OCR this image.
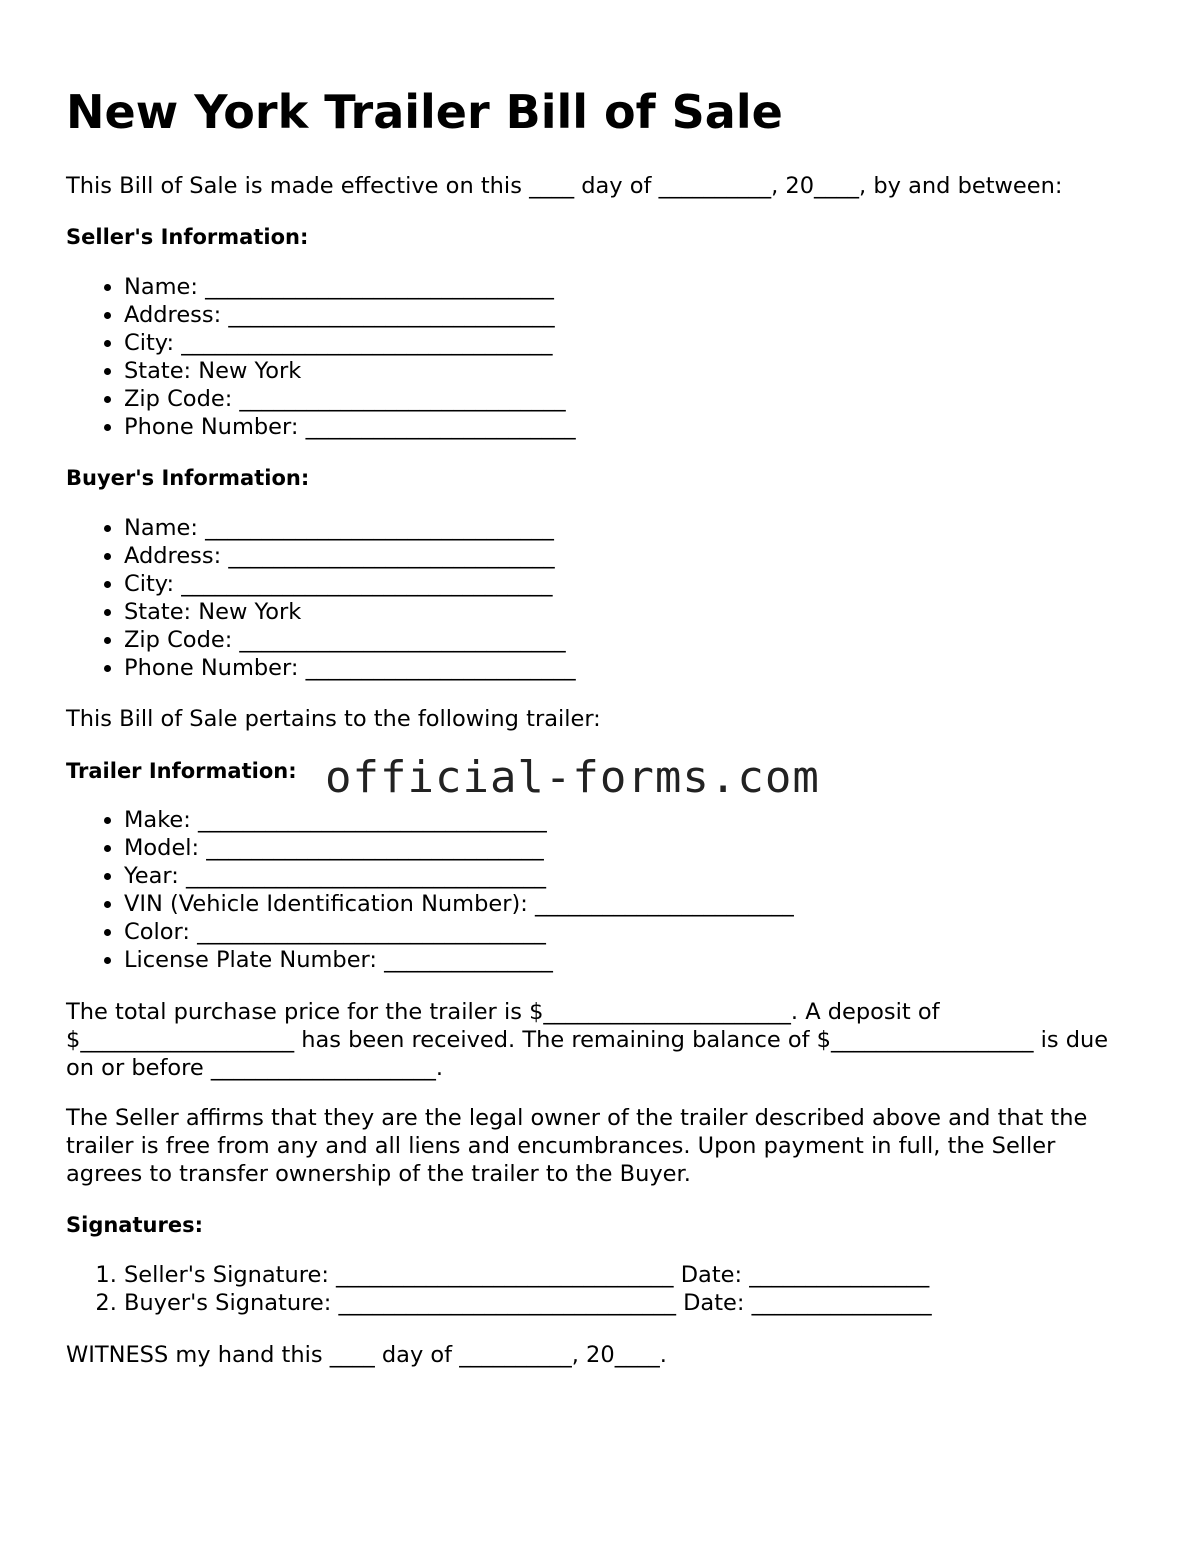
New York Trailer Bill of Sale

This Bill of Sale is made effective on this ____ day of __________, 20____, by and between:

Seller's Information:

• Name: _______________________________
• Address: _____________________________
• City: _________________________________
• State: New York
• Zip Code: _____________________________
• Phone Number: ________________________

Buyer's Information:

• Name: _______________________________
• Address: _____________________________
• City: _________________________________
• State: New York
• Zip Code: _____________________________
• Phone Number: ________________________

This Bill of Sale pertains to the following trailer:

Trailer Information:

• Make: _______________________________
• Model: ______________________________
• Year: ________________________________
• VIN (Vehicle Identification Number): _______________________
• Color: _______________________________
• License Plate Number: _______________

The total purchase price for the trailer is $______________________. A deposit of $___________________ has been received. The remaining balance of $__________________ is due on or before ____________________.

The Seller affirms that they are the legal owner of the trailer described above and that the trailer is free from any and all liens and encumbrances. Upon payment in full, the Seller agrees to transfer ownership of the trailer to the Buyer.

Signatures:

1. Seller's Signature: ______________________________ Date: ________________
2. Buyer's Signature: ______________________________ Date: ________________

WITNESS my hand this ____ day of __________, 20____.

official-forms.com
